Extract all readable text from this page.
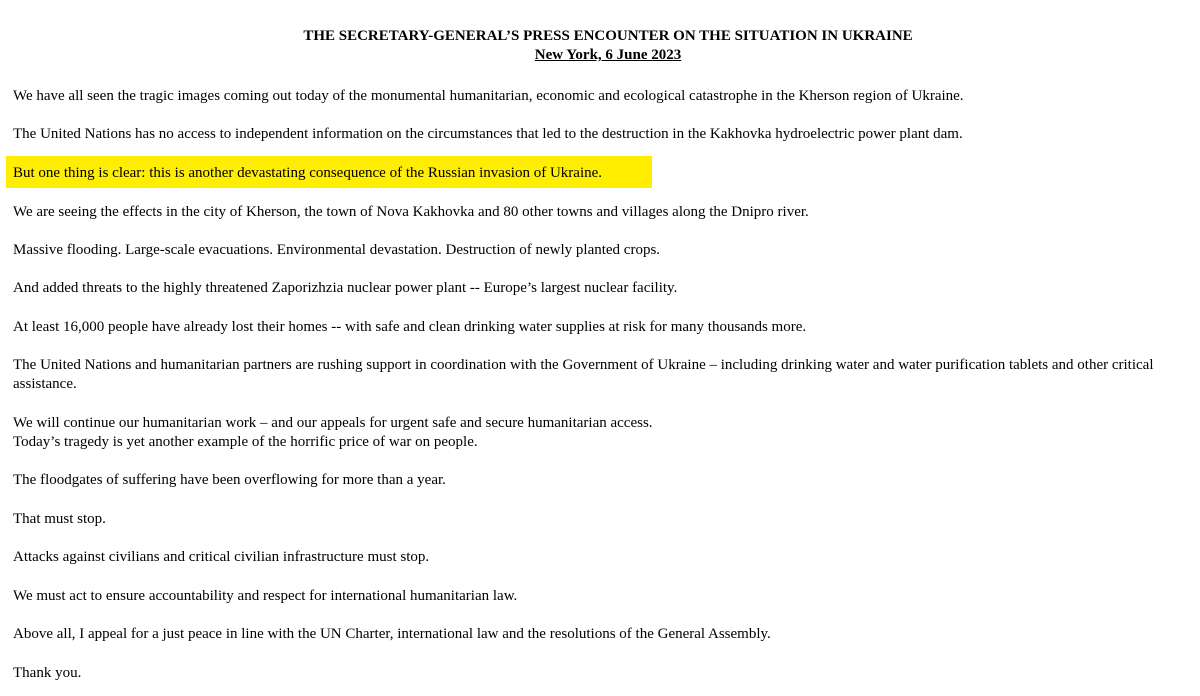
THE SECRETARY-GENERAL’S PRESS ENCOUNTER ON THE SITUATION IN UKRAINE
New York, 6 June 2023
We have all seen the tragic images coming out today of the monumental humanitarian, economic and ecological catastrophe in the Kherson region of Ukraine.
The United Nations has no access to independent information on the circumstances that led to the destruction in the Kakhovka hydroelectric power plant dam.
But one thing is clear: this is another devastating consequence of the Russian invasion of Ukraine.
We are seeing the effects in the city of Kherson, the town of Nova Kakhovka and 80 other towns and villages along the Dnipro river.
Massive flooding. Large-scale evacuations. Environmental devastation. Destruction of newly planted crops.
And added threats to the highly threatened Zaporizhzia nuclear power plant -- Europe’s largest nuclear facility.
At least 16,000 people have already lost their homes -- with safe and clean drinking water supplies at risk for many thousands more.
The United Nations and humanitarian partners are rushing support in coordination with the Government of Ukraine – including drinking water and water purification tablets and other critical assistance.
We will continue our humanitarian work – and our appeals for urgent safe and secure humanitarian access.
Today’s tragedy is yet another example of the horrific price of war on people.
The floodgates of suffering have been overflowing for more than a year.
That must stop.
Attacks against civilians and critical civilian infrastructure must stop.
We must act to ensure accountability and respect for international humanitarian law.
Above all, I appeal for a just peace in line with the UN Charter, international law and the resolutions of the General Assembly.
Thank you.
